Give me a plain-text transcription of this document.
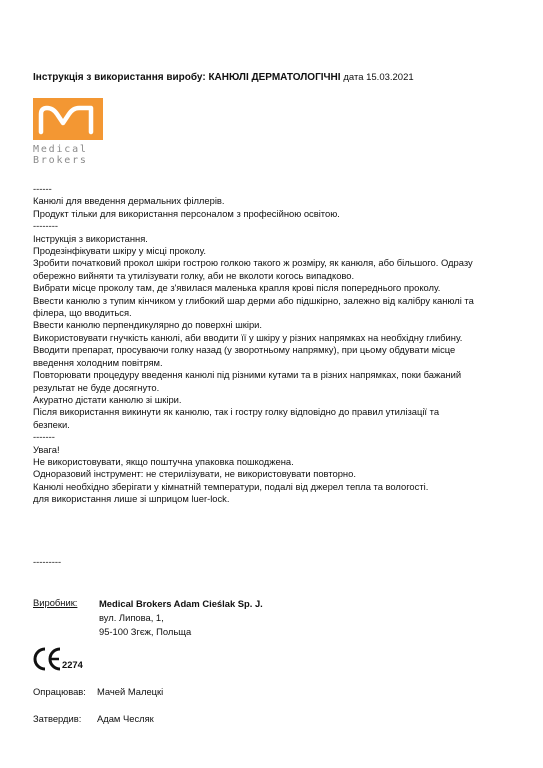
Інструкція з використання виробу: КАНЮЛІ ДЕРМАТОЛОГІЧНІ дата 15.03.2021
Medical
Brokers
------
Канюлі для введення дермальних філлерів.
Продукт тільки для використання персоналом з професійною освітою.
--------
Інструкція з використання.
Продезінфікувати шкіру у місці проколу.
Зробити початковий прокол шкіри гострою голкою такого ж розміру, як канюля, або більшого. Одразу
обережно вийняти та утилізувати голку, аби не вколоти когось випадково.
Вибрати місце проколу там, де з'явилася маленька крапля крові після попереднього проколу.
Ввести канюлю з тупим кінчиком у глибокий шар дерми або підшкірно, залежно від калібру канюлі та
філера, що вводиться.
Ввести канюлю перпендикулярно до поверхні шкіри.
Використовувати гнучкість канюлі, аби вводити її у шкіру у різних напрямках на необхідну глибину.
Вводити препарат, просуваючи голку назад (у зворотньому напрямку), при цьому обдувати місце
введення холодним повітрям.
Повторювати процедуру введення канюлі під різними кутами та в різних напрямках, поки бажаний
результат не буде досягнуто.
Акуратно дістати канюлю зі шкіри.
Після використання викинути як канюлю, так і гостру голку відповідно до правил утилізації та
безпеки.
-------
Увага!
Не використовувати, якщо поштучна упаковка пошкоджена.
Одноразовий інструмент: не стерилізувати, не використовувати повторно.
Канюлі необхідно зберігати у кімнатній температури, подалі від джерел тепла та вологості.
для використання лише зі шприцом luer-lock.
---------
Виробник: Medical Brokers Adam Cieślak Sp. J.
вул. Липова, 1,
95-100 Згєж, Польща
CE
2274
Опрацював: Мачей Малецкі
Затвердив: Адам Чесляк
